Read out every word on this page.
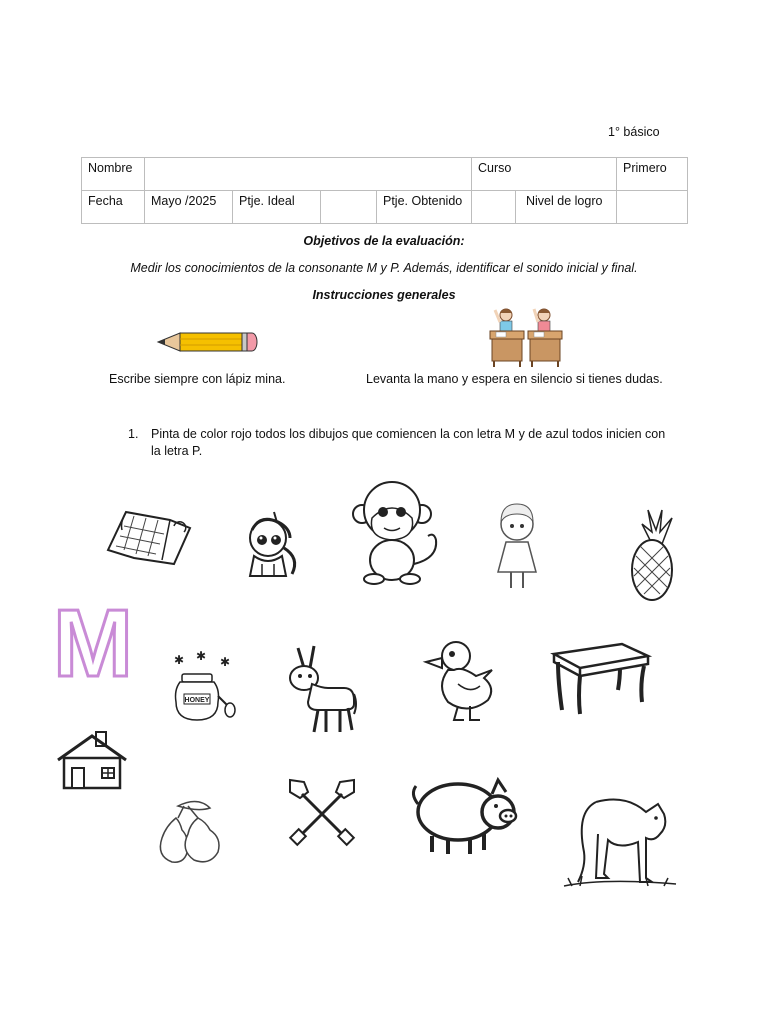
1° básico
Nombre					Curso		Primero

Fecha	Mayo /2025	Ptje. Ideal		Ptje. Obtenido		Nivel de logro	

Objetivos de la evaluación:
Medir los conocimientos de la consonante M y P. Además, identificar el sonido inicial y final.
Instrucciones generales
Escribe siempre con lápiz mina.	Levanta la mano y espera en silencio si tienes dudas.
1. Pinta de color rojo todos los dibujos que comiencen la con letra M y de azul todos inicien con la letra P.
M	✱ ✱ ✱
HONEY
